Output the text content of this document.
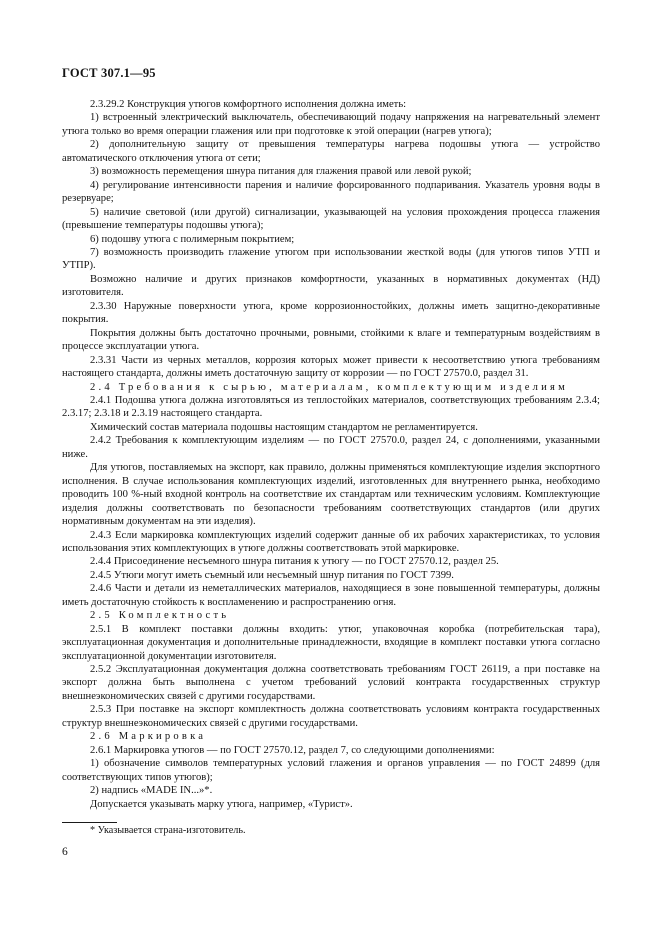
ГОСТ 307.1—95

2.3.29.2 Конструкция утюгов комфортного исполнения должна иметь:

1) встроенный электрический выключатель, обеспечивающий подачу напряжения на нагревательный элемент утюга только во время операции глажения или при подготовке к этой операции (нагрев утюга);

2) дополнительную защиту от превышения температуры нагрева подошвы утюга — устройство автоматического отключения утюга от сети;

3) возможность перемещения шнура питания для глажения правой или левой рукой;

4) регулирование интенсивности парения и наличие форсированного подпаривания. Указатель уровня воды в резервуаре;

5) наличие световой (или другой) сигнализации, указывающей на условия прохождения процесса глажения (превышение температуры подошвы утюга);

6) подошву утюга с полимерным покрытием;

7) возможность производить глажение утюгом при использовании жесткой воды (для утюгов типов УТП и УТПР).

Возможно наличие и других признаков комфортности, указанных в нормативных документах (НД) изготовителя.

2.3.30 Наружные поверхности утюга, кроме коррозионностойких, должны иметь защитно-декоративные покрытия.

Покрытия должны быть достаточно прочными, ровными, стойкими к влаге и температурным воздействиям в процессе эксплуатации утюга.

2.3.31 Части из черных металлов, коррозия которых может привести к несоответствию утюга требованиям настоящего стандарта, должны иметь достаточную защиту от коррозии — по ГОСТ 27570.0, раздел 31.

2.4 Требования к сырью, материалам, комплектующим изделиям

2.4.1 Подошва утюга должна изготовляться из теплостойких материалов, соответствующих требованиям 2.3.4; 2.3.17; 2.3.18 и 2.3.19 настоящего стандарта.

Химический состав материала подошвы настоящим стандартом не регламентируется.

2.4.2 Требования к комплектующим изделиям — по ГОСТ 27570.0, раздел 24, с дополнениями, указанными ниже.

Для утюгов, поставляемых на экспорт, как правило, должны применяться комплектующие изделия экспортного исполнения. В случае использования комплектующих изделий, изготовленных для внутреннего рынка, необходимо проводить 100 %-ный входной контроль на соответствие их стандартам или техническим условиям. Комплектующие изделия должны соответствовать по безопасности требованиям соответствующих стандартов (или других нормативным документам на эти изделия).

2.4.3 Если маркировка комплектующих изделий содержит данные об их рабочих характеристиках, то условия использования этих комплектующих в утюге должны соответствовать этой маркировке.

2.4.4 Присоединение несъемного шнура питания к утюгу — по ГОСТ 27570.12, раздел 25.

2.4.5 Утюги могут иметь съемный или несъемный шнур питания по ГОСТ 7399.

2.4.6 Части и детали из неметаллических материалов, находящиеся в зоне повышенной температуры, должны иметь достаточную стойкость к воспламенению и распространению огня.

2.5 Комплектность

2.5.1 В комплект поставки должны входить: утюг, упаковочная коробка (потребительская тара), эксплуатационная документация и дополнительные принадлежности, входящие в комплект поставки утюга согласно эксплуатационной документации изготовителя.

2.5.2 Эксплуатационная документация должна соответствовать требованиям ГОСТ 26119, а при поставке на экспорт должна быть выполнена с учетом требований условий контракта государственных структур внешнеэкономических связей с другими государствами.

2.5.3 При поставке на экспорт комплектность должна соответствовать условиям контракта государственных структур внешнеэкономических связей с другими государствами.

2.6 Маркировка

2.6.1 Маркировка утюгов — по ГОСТ 27570.12, раздел 7, со следующими дополнениями:

1) обозначение символов температурных условий глажения и органов управления — по ГОСТ 24899 (для соответствующих типов утюгов);

2) надпись «MADE IN...»*.

Допускается указывать марку утюга, например, «Турист».

* Указывается страна-изготовитель.
6
